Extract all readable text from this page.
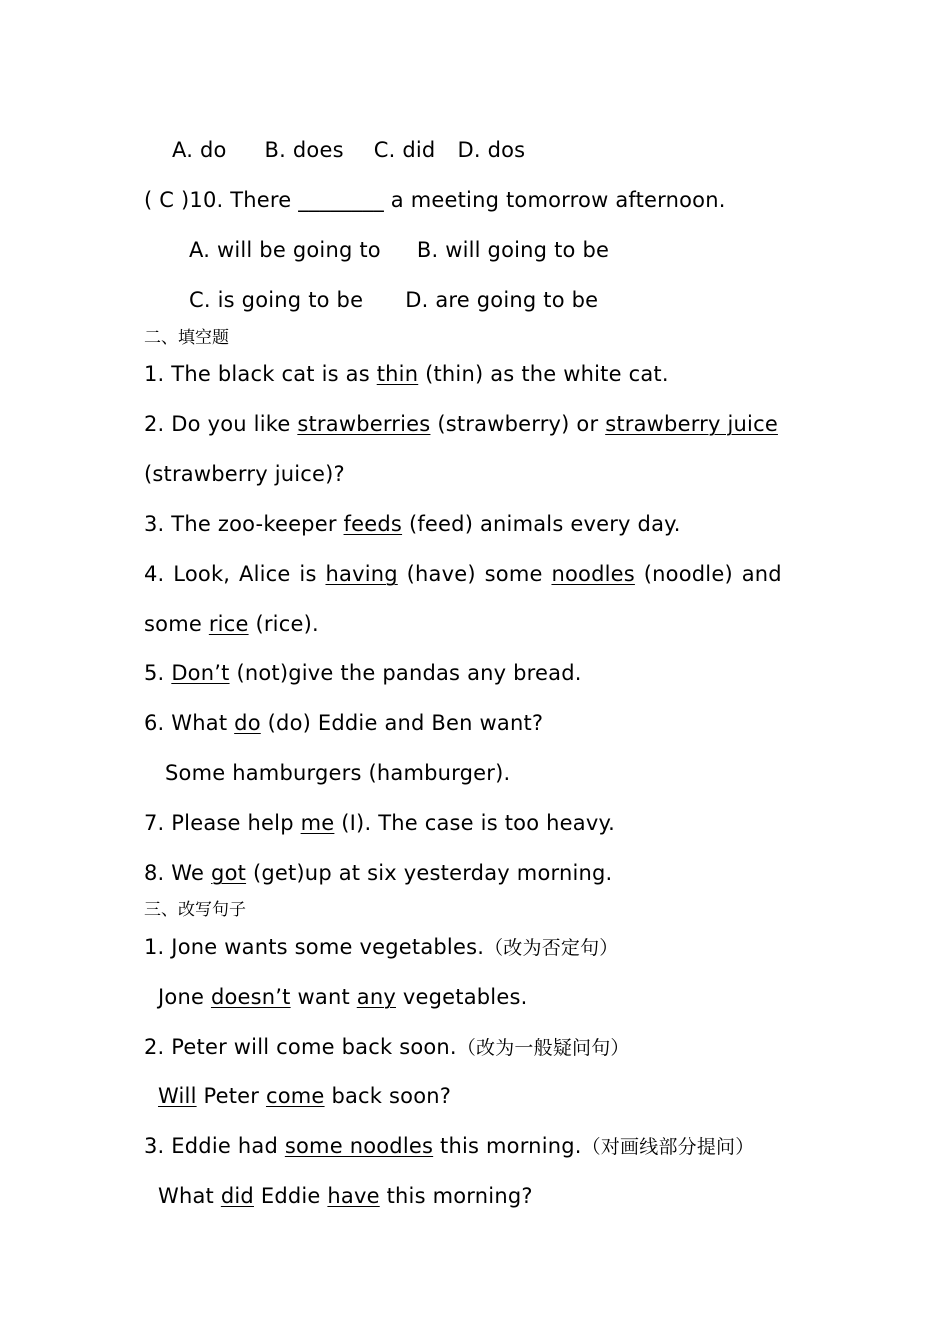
A. do B. does C. did D. dos
( C )10. There ________ a meeting tomorrow afternoon.
A. will be going to B. will going to be
C. is going to be D. are going to be
二、填空题
1. The black cat is as thin (thin) as the white cat.
2. Do you like strawberries (strawberry) or strawberry juice
(strawberry juice)?
3. The zoo-keeper feeds (feed) animals every day.
4. Look, Alice is having (have) some noodles (noodle) and
some rice (rice).
5. Don’t (not)give the pandas any bread.
6. What do (do) Eddie and Ben want?
Some hamburgers (hamburger).
7. Please help me (I). The case is too heavy.
8. We got (get)up at six yesterday morning.
三、改写句子
1. Jone wants some vegetables.（改为否定句）
Jone doesn’t want any vegetables.
2. Peter will come back soon.（改为一般疑问句）
Will Peter come back soon?
3. Eddie had some noodles this morning.（对画线部分提问）
What did Eddie have this morning?
